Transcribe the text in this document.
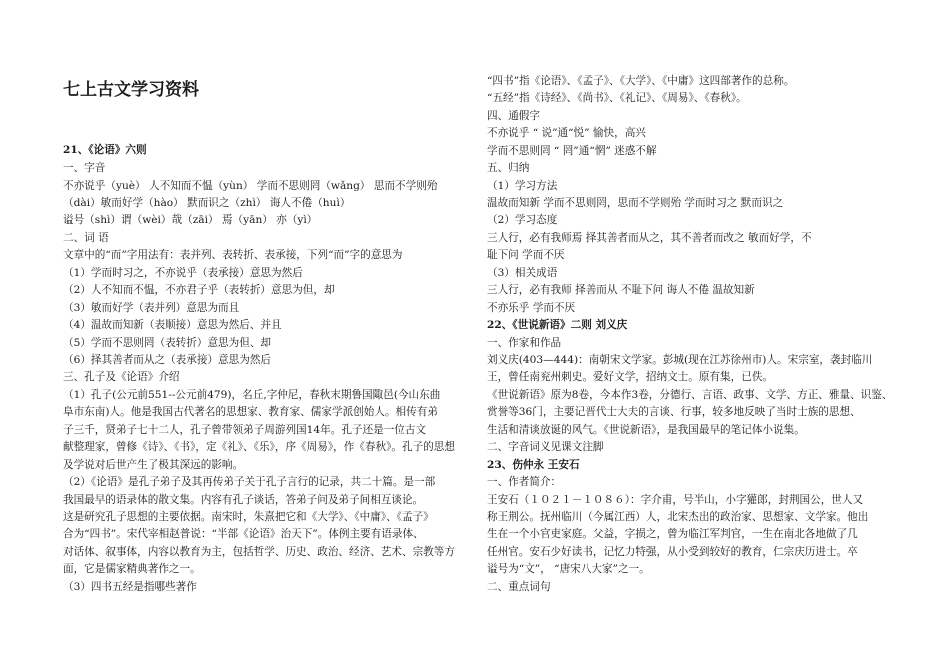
七上古文学习资料
21、《论语》六则
一、字音
不亦说乎（yuè） 人不知而不愠（yùn） 学而不思则罔（wǎng） 思而不学则殆
（dài）敏而好学（hào） 默而识之（zhì） 诲人不倦（huì）
谥号（shì）谓（wèi）哉（zāi） 焉（yān） 亦（yì）
二、词 语
文章中的“而”字用法有：表并列、表转折、表承接，下列“而”字的意思为
（1）学而时习之，不亦说乎（表承接）意思为然后
（2）人不知而不愠，不亦君子乎（表转折）意思为但，却
（3）敏而好学（表并列）意思为而且
（4）温故而知新（表顺接）意思为然后、并且
（5）学而不思则罔（表转折）意思为但、却
（6）择其善者而从之（表承接）意思为然后
三、孔子及《论语》介绍
（1）孔子(公元前551--公元前479)，名丘,字仲尼，春秋末期鲁国陬邑(今山东曲
阜市东南)人。他是我国古代著名的思想家、教育家、儒家学派创始人。相传有弟
子三千，贤弟子七十二人，孔子曾带领弟子周游列国14年。孔子还是一位古文
献整理家，曾修《诗》、《书》，定《礼》、《乐》，序《周易》，作《春秋》。孔子的思想
及学说对后世产生了极其深远的影响。
（2）《论语》是孔子弟子及其再传弟子关于孔子言行的记录，共二十篇。是一部
我国最早的语录体的散文集。内容有孔子谈话，答弟子问及弟子间相互谈论。
这是研究孔子思想的主要依据。南宋时，朱熹把它和《大学》、《中庸》、《孟子》
合为“四书”。宋代宰相赵普说：“半部《论语》治天下”。体例主要有语录体、
对话体、叙事体，内容以教育为主，包括哲学、历史、政治、经济、艺术、宗教等方
面，它是儒家精典著作之一。
（3）四书五经是指哪些著作
“四书”指《论语》、《孟子》、《大学》、《中庸》这四部著作的总称。
“五经”指《诗经》、《尚书》、《礼记》、《周易》、《春秋》。
四、通假字
不亦说乎 “ 说”通“悦” 愉快，高兴
学而不思则罔 “ 罔”通“惘” 迷惑不解
五、归纳
（1）学习方法
温故而知新 学而不思则罔，思而不学则殆 学而时习之 默而识之
（2）学习态度
三人行，必有我师焉 择其善者而从之，其不善者而改之 敏而好学，不
耻下问 学而不厌
（3）相关成语
三人行，必有我师 择善而从 不耻下问 诲人不倦 温故知新
不亦乐乎 学而不厌
22、《世说新语》二则 刘义庆
一、作家和作品
刘义庆(403—444)：南朝宋文学家。彭城(现在江苏徐州市)人。宋宗室，袭封临川
王，曾任南兖州刺史。爱好文学，招纳文士。原有集，已佚。
《世说新语》原为8卷，今本作3卷，分德行、言语、政事、文学、方正、雅量、识鉴、
赏誉等36门，主要记晋代士大夫的言谈、行事，较多地反映了当时士族的思想、
生活和清谈放诞的风气。《世说新语》，是我国最早的笔记体小说集。
二、字音词义见课文注脚
23、伤仲永 王安石
一、作者简介：
王安石（１０２１－１０８６）：字介甫，号半山，小字獾郎，封荆国公，世人又
称王荆公。抚州临川（今属江西）人，北宋杰出的政治家、思想家、文学家。他出
生在一个小官吏家庭。父益，字损之，曾为临江军判官，一生在南北各地做了几
任州官。安石少好读书，记忆力特强，从小受到较好的教育，仁宗庆历进士。卒
谥号为“文”， “唐宋八大家”之一。
二、重点词句
